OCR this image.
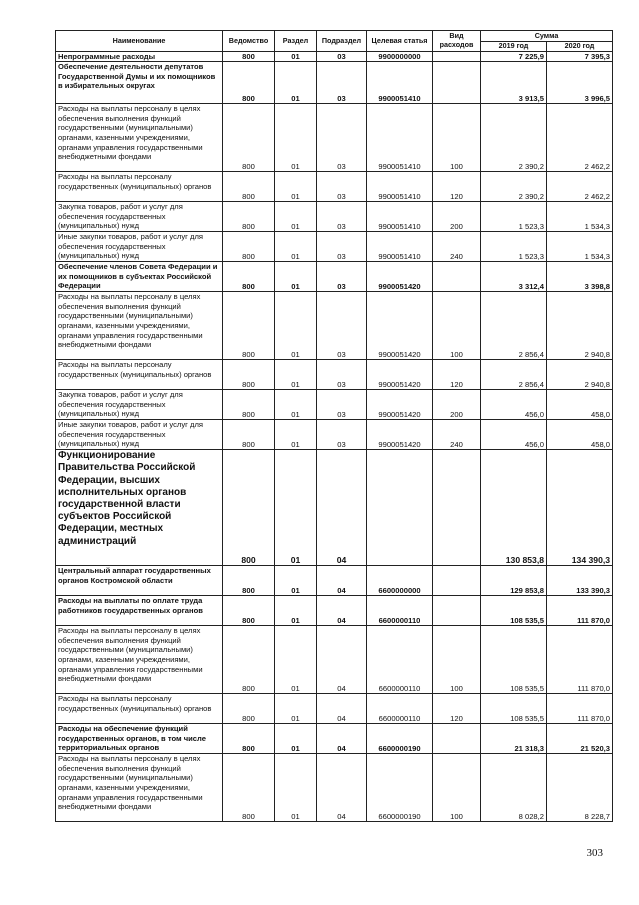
Наименование	Ведомство	Раздел	Подраздел	Целевая статья	Вид расходов	Сумма	
						2019 год	2020 год
Непрограммные расходы	800	01	03	9900000000		7 225,9	7 395,3
Обеспечение деятельности депутатов Государственной Думы и их помощников в избирательных округах	800	01	03	9900051410		3 913,5	3 996,5
Расходы на выплаты персоналу в целях обеспечения выполнения функций государственными (муниципальными) органами, казенными учреждениями, органами управления государственными внебюджетными фондами	800	01	03	9900051410	100	2 390,2	2 462,2
Расходы на выплаты персоналу государственных (муниципальных) органов	800	01	03	9900051410	120	2 390,2	2 462,2
Закупка товаров, работ и услуг для обеспечения государственных (муниципальных) нужд	800	01	03	9900051410	200	1 523,3	1 534,3
Иные закупки товаров, работ и услуг для обеспечения государственных (муниципальных) нужд	800	01	03	9900051410	240	1 523,3	1 534,3
Обеспечение членов Совета Федерации и их помощников в субъектах Российской Федерации	800	01	03	9900051420		3 312,4	3 398,8
Расходы на выплаты персоналу в целях обеспечения выполнения функций государственными (муниципальными) органами, казенными учреждениями, органами управления государственными внебюджетными фондами	800	01	03	9900051420	100	2 856,4	2 940,8
Расходы на выплаты персоналу государственных (муниципальных) органов	800	01	03	9900051420	120	2 856,4	2 940,8
Закупка товаров, работ и услуг для обеспечения государственных (муниципальных) нужд	800	01	03	9900051420	200	456,0	458,0
Иные закупки товаров, работ и услуг для обеспечения государственных (муниципальных) нужд	800	01	03	9900051420	240	456,0	458,0
Функционирование Правительства Российской Федерации, высших исполнительных органов государственной власти субъектов Российской Федерации, местных администраций	800	01	04			130 853,8	134 390,3
Центральный аппарат государственных органов Костромской области	800	01	04	6600000000		129 853,8	133 390,3
Расходы на выплаты по оплате труда работников государственных органов	800	01	04	6600000110		108 535,5	111 870,0
Расходы на выплаты персоналу в целях обеспечения выполнения функций государственными (муниципальными) органами, казенными учреждениями, органами управления государственными внебюджетными фондами	800	01	04	6600000110	100	108 535,5	111 870,0
Расходы на выплаты персоналу государственных (муниципальных) органов	800	01	04	6600000110	120	108 535,5	111 870,0
Расходы на обеспечение функций государственных органов, в том числе территориальных органов	800	01	04	6600000190		21 318,3	21 520,3
Расходы на выплаты персоналу в целях обеспечения выполнения функций государственными (муниципальными) органами, казенными учреждениями, органами управления государственными внебюджетными фондами	800	01	04	6600000190	100	8 028,2	8 228,7
303
